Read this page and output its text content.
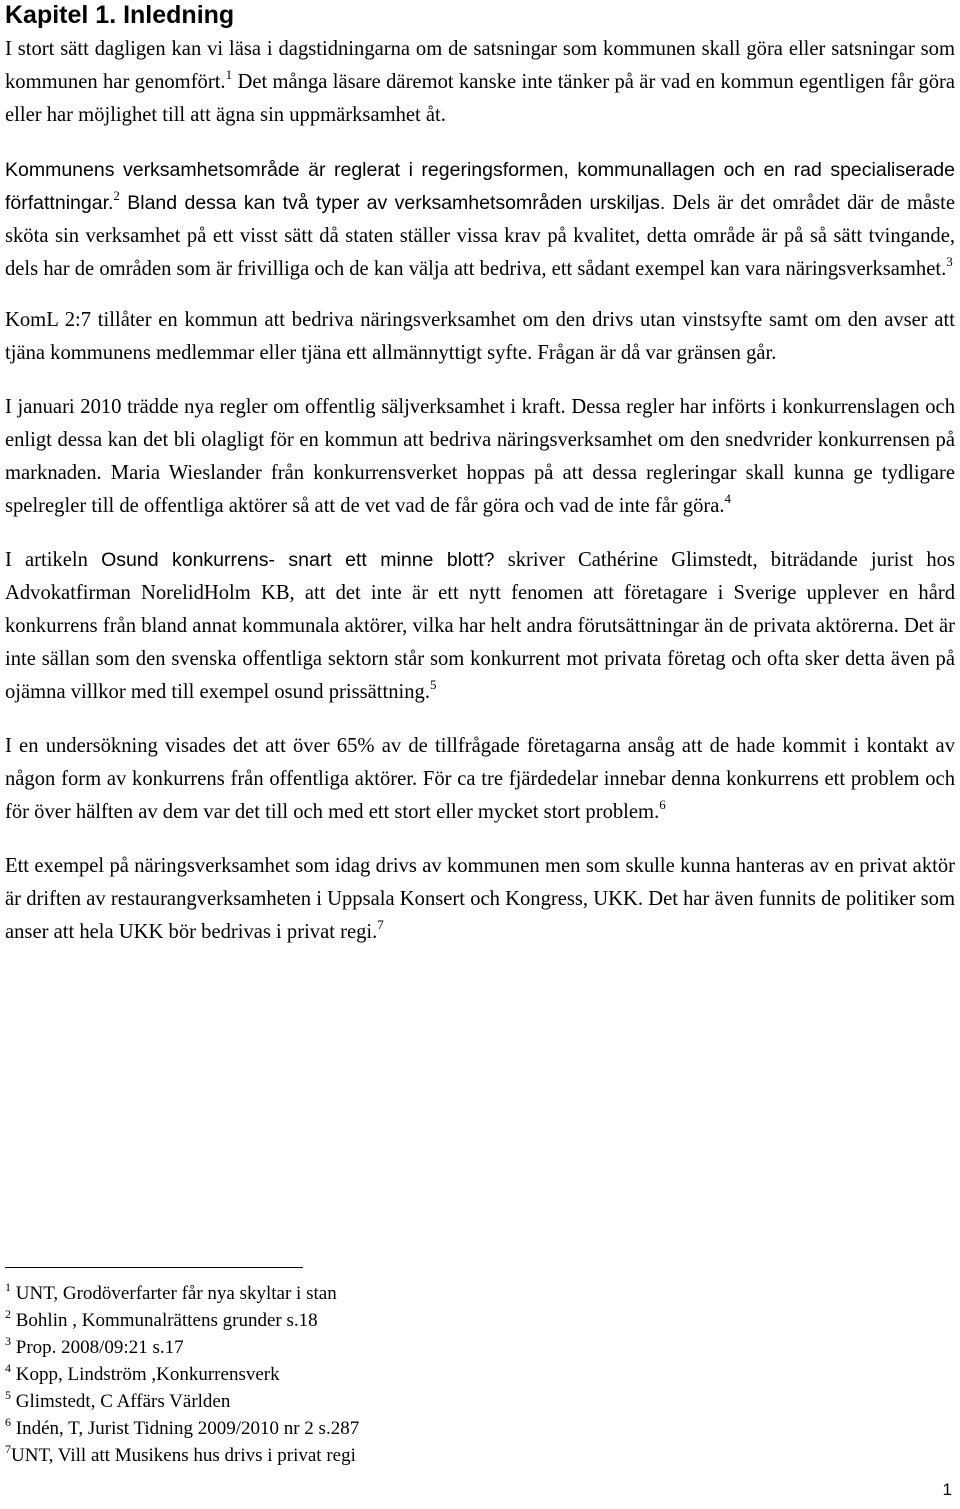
Kapitel 1. Inledning

I stort sätt dagligen kan vi läsa i dagstidningarna om de satsningar som kommunen skall göra eller satsningar som kommunen har genomfört.$^1$ Det många läsare däremot kanske inte tänker på är vad en kommun egentligen får göra eller har möjlighet till att ägna sin uppmärksamhet åt.

Kommunens verksamhetsområde är reglerat i regeringsformen, kommunallagen och en rad specialiserade författningar.$^2$ Bland dessa kan två typer av verksamhetsområden urskiljas. Dels är det området där de måste sköta sin verksamhet på ett visst sätt då staten ställer vissa krav på kvalitet, detta område är på så sätt tvingande, dels har de områden som är frivilliga och de kan välja att bedriva, ett sådant exempel kan vara näringsverksamhet.$^3$

KomL 2:7 tillåter en kommun att bedriva näringsverksamhet om den drivs utan vinstsyfte samt om den avser att tjäna kommunens medlemmar eller tjäna ett allmännyttigt syfte. Frågan är då var gränsen går.

I januari 2010 trädde nya regler om offentlig säljverksamhet i kraft. Dessa regler har införts i konkurrenslagen och enligt dessa kan det bli olagligt för en kommun att bedriva näringsverksamhet om den snedvrider konkurrensen på marknaden. Maria Wieslander från konkurrensverket hoppas på att dessa regleringar skall kunna ge tydligare spelregler till de offentliga aktörer så att de vet vad de får göra och vad de inte får göra.$^4$

I artikeln Osund konkurrens- snart ett minne blott? skriver Cathérine Glimstedt, biträdande jurist hos Advokatfirman NorelidHolm KB, att det inte är ett nytt fenomen att företagare i Sverige upplever en hård konkurrens från bland annat kommunala aktörer, vilka har helt andra förutsättningar än de privata aktörerna. Det är inte sällan som den svenska offentliga sektorn står som konkurrent mot privata företag och ofta sker detta även på ojämna villkor med till exempel osund prissättning.$^5$

I en undersökning visades det att över 65% av de tillfrågade företagarna ansåg att de hade kommit i kontakt av någon form av konkurrens från offentliga aktörer. För ca tre fjärdedelar innebar denna konkurrens ett problem och för över hälften av dem var det till och med ett stort eller mycket stort problem.$^6$

Ett exempel på näringsverksamhet som idag drivs av kommunen men som skulle kunna hanteras av en privat aktör är driften av restaurangverksamheten i Uppsala Konsert och Kongress, UKK. Det har även funnits de politiker som anser att hela UKK bör bedrivas i privat regi.$^7$

$^1$ UNT, Grodöverfarter får nya skyltar i stan
$^2$ Bohlin , Kommunalrättens grunder s.18
$^3$ Prop. 2008/09:21 s.17
$^4$ Kopp, Lindström ,Konkurrensverk
$^5$ Glimstedt, C Affärs Världen
$^6$ Indén, T, Jurist Tidning 2009/2010 nr 2 s.287
$^7$UNT, Vill att Musikens hus drivs i privat regi
1
